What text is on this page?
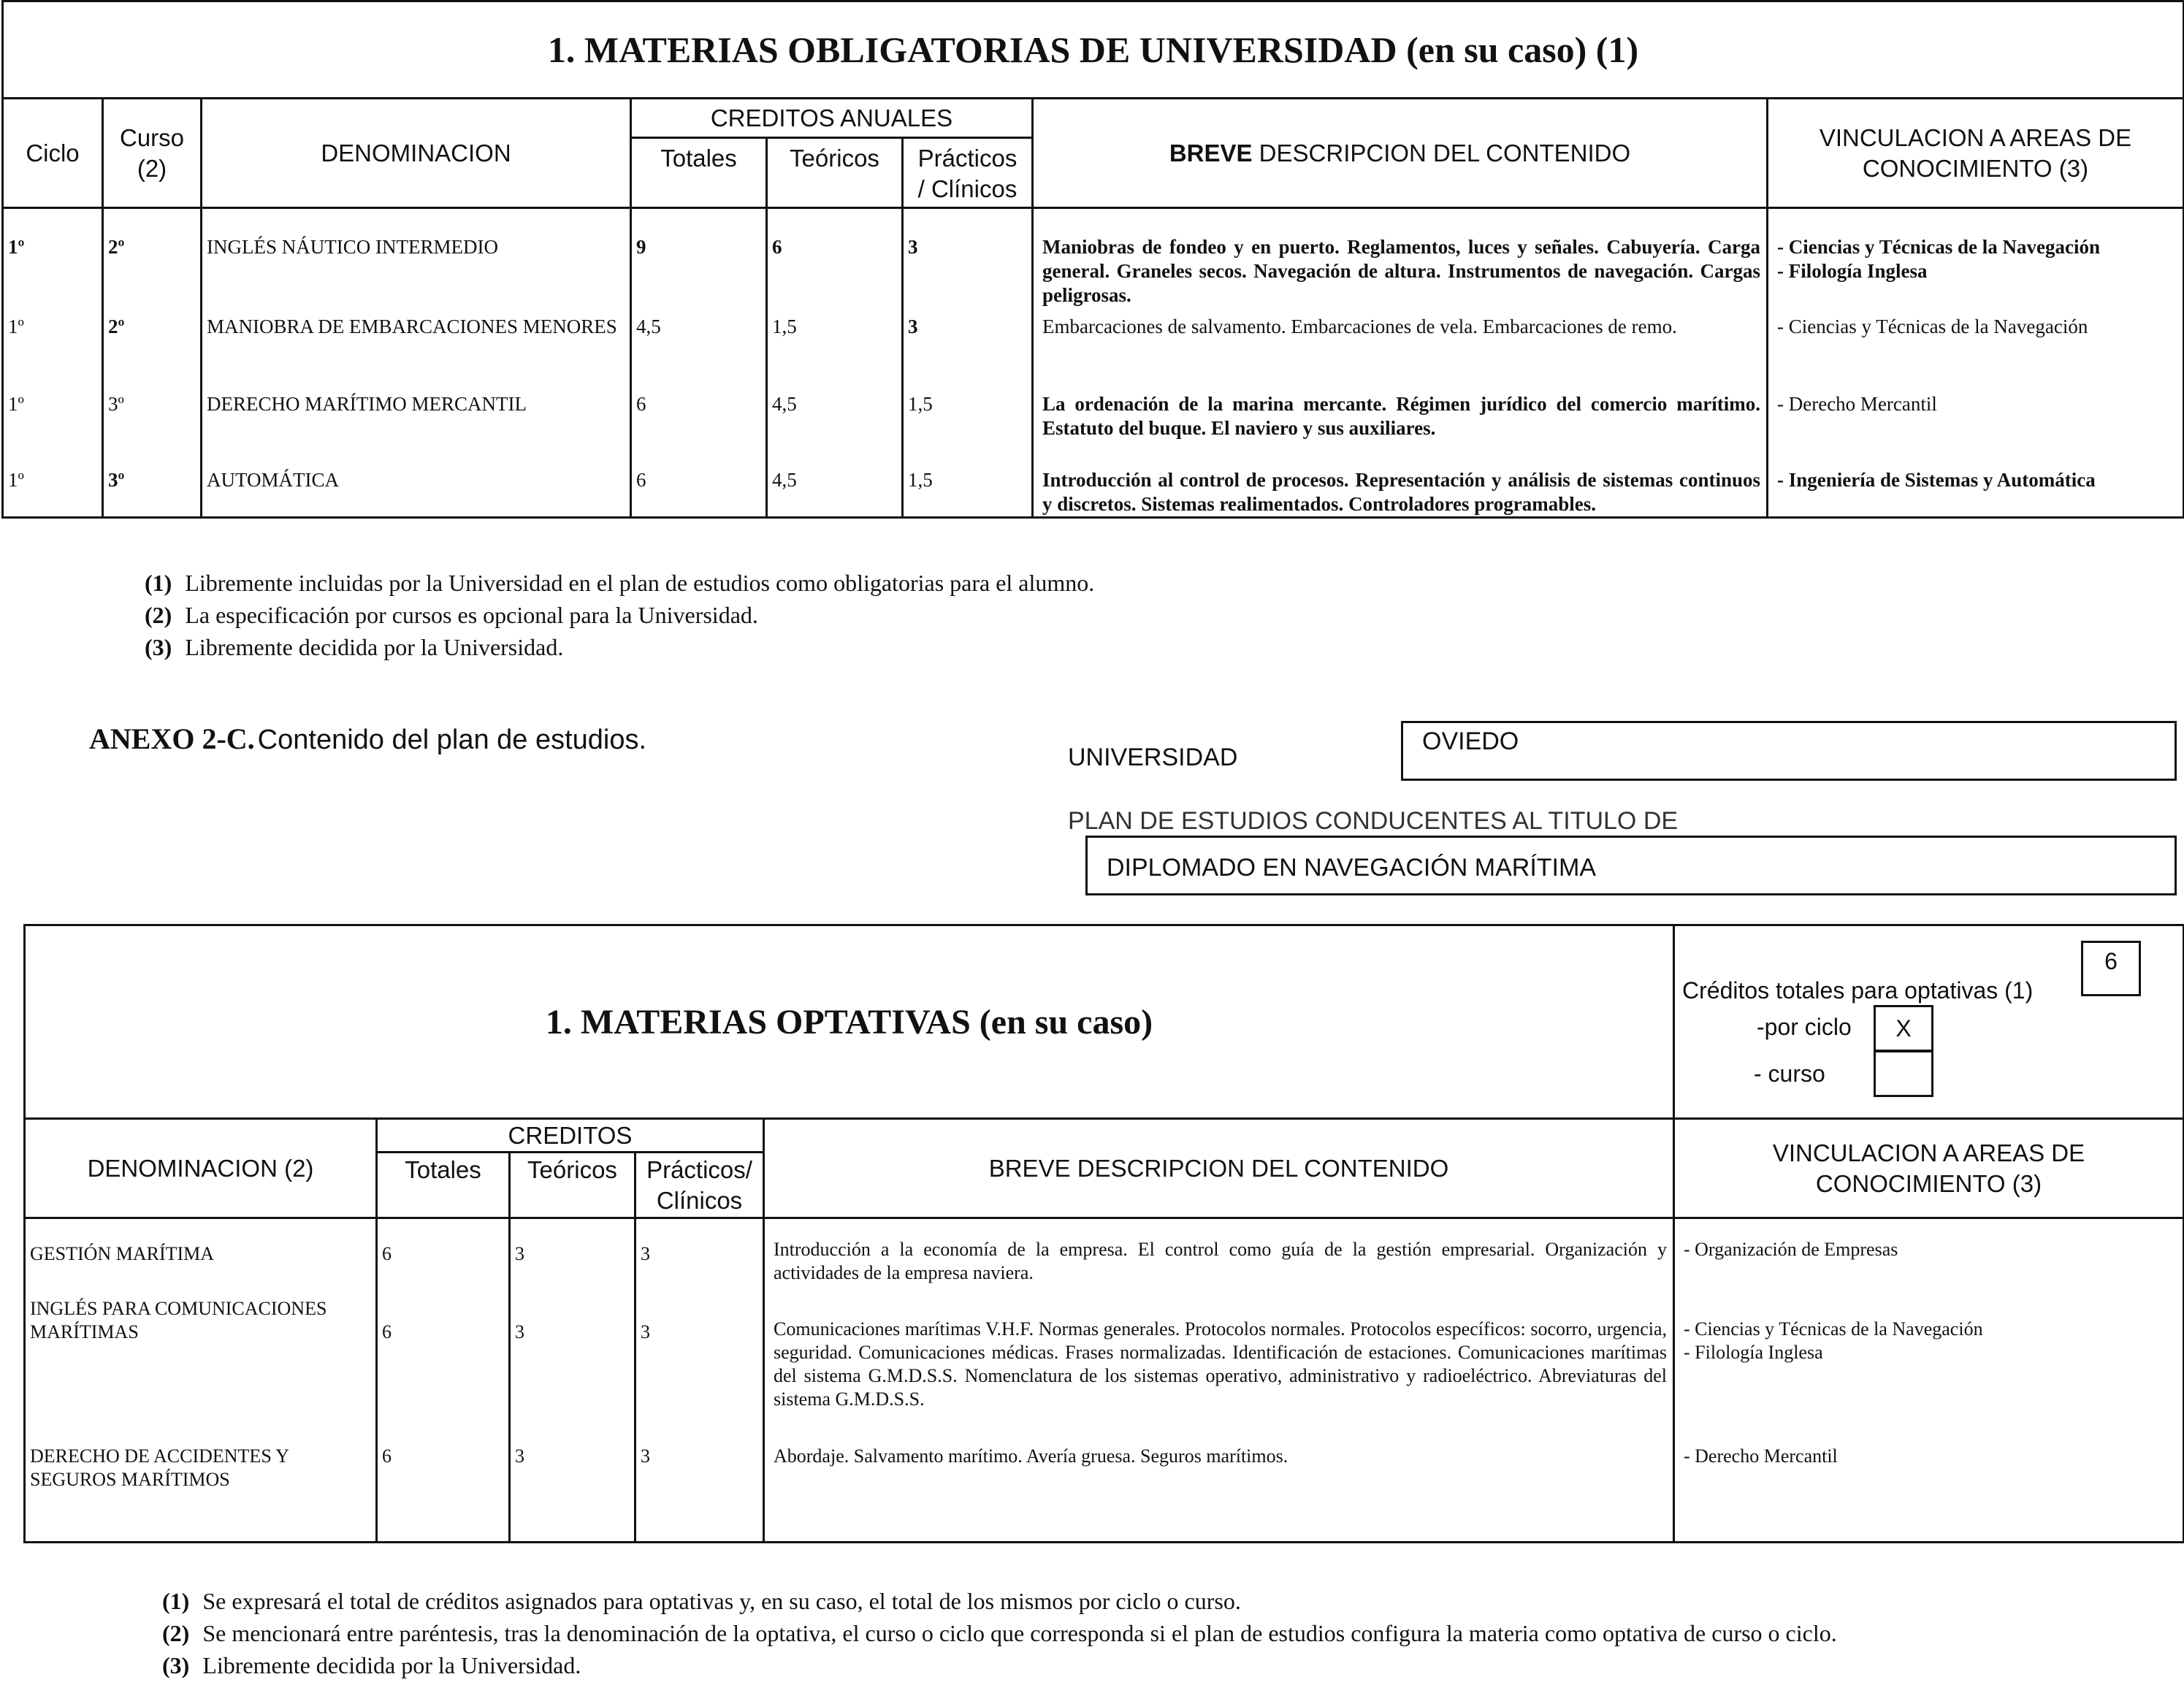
1. MATERIAS OBLIGATORIAS DE UNIVERSIDAD (en su caso) (1)							
Ciclo	Curso
(2)	DENOMINACION	CREDITOS ANUALES			BREVE DESCRIPCION DEL CONTENIDO	VINCULACION A AREAS DE
CONOCIMIENTO (3)
			Totales	Teóricos	Prácticos
/ Clínicos		
1º	2º	INGLÉS NÁUTICO INTERMEDIO	9	6	3	Maniobras de fondeo y en puerto. Reglamentos, luces y señales. Cabuyería. Carga general. Graneles secos. Navegación de altura. Instrumentos de navegación. Cargas peligrosas.	- Ciencias y Técnicas de la Navegación
- Filología Inglesa

1º	2º	MANIOBRA DE EMBARCACIONES MENORES	4,5	1,5	3	Embarcaciones de salvamento. Embarcaciones de vela. Embarcaciones de remo.	- Ciencias y Técnicas de la Navegación

1º	3º	DERECHO MARÍTIMO MERCANTIL	6	4,5	1,5	La ordenación de la marina mercante. Régimen jurídico del comercio marítimo. Estatuto del buque. El naviero y sus auxiliares.	- Derecho Mercantil

1º	3º	AUTOMÁTICA	6	4,5	1,5	Introducción al control de procesos. Representación y análisis de sistemas continuos y discretos. Sistemas realimentados. Controladores programables.	- Ingeniería de Sistemas y Automática
(1) Libremente incluidas por la Universidad en el plan de estudios como obligatorias para el alumno.
(2) La especificación por cursos es opcional para la Universidad.
(3) Libremente decidida por la Universidad.
ANEXO 2-C. Contenido del plan de estudios.
UNIVERSIDAD
OVIEDO
PLAN DE ESTUDIOS CONDUCENTES AL TITULO DE
DIPLOMADO EN NAVEGACIÓN MARÍTIMA
1. MATERIAS OPTATIVAS (en su caso)					Créditos totales para optativas (1)
6
-por ciclo X
- curso

DENOMINACION (2)	CREDITOS			BREVE DESCRIPCION DEL CONTENIDO	VINCULACION A AREAS DE
CONOCIMIENTO (3)
	Totales	Teóricos	Prácticos/
Clínicos		
GESTIÓN MARÍTIMA	6	3	3	Introducción a la economía de la empresa. El control como guía de la gestión empresarial. Organización y actividades de la empresa naviera.	- Organización de Empresas

INGLÉS PARA COMUNICACIONES MARÍTIMAS	6	3	3	Comunicaciones marítimas V.H.F. Normas generales. Protocolos normales. Protocolos específicos: socorro, urgencia, seguridad. Comunicaciones médicas. Frases normalizadas. Identificación de estaciones. Comunicaciones marítimas del sistema G.M.D.S.S. Nomenclatura de los sistemas operativo, administrativo y radioeléctrico. Abreviaturas del sistema G.M.D.S.S.	- Ciencias y Técnicas de la Navegación
- Filología Inglesa

DERECHO DE ACCIDENTES Y SEGUROS MARÍTIMOS	6	3	3	Abordaje. Salvamento marítimo. Avería gruesa. Seguros marítimos.	- Derecho Mercantil
(1) Se expresará el total de créditos asignados para optativas y, en su caso, el total de los mismos por ciclo o curso.
(2) Se mencionará entre paréntesis, tras la denominación de la optativa, el curso o ciclo que corresponda si el plan de estudios configura la materia como optativa de curso o ciclo.
(3) Libremente decidida por la Universidad.
